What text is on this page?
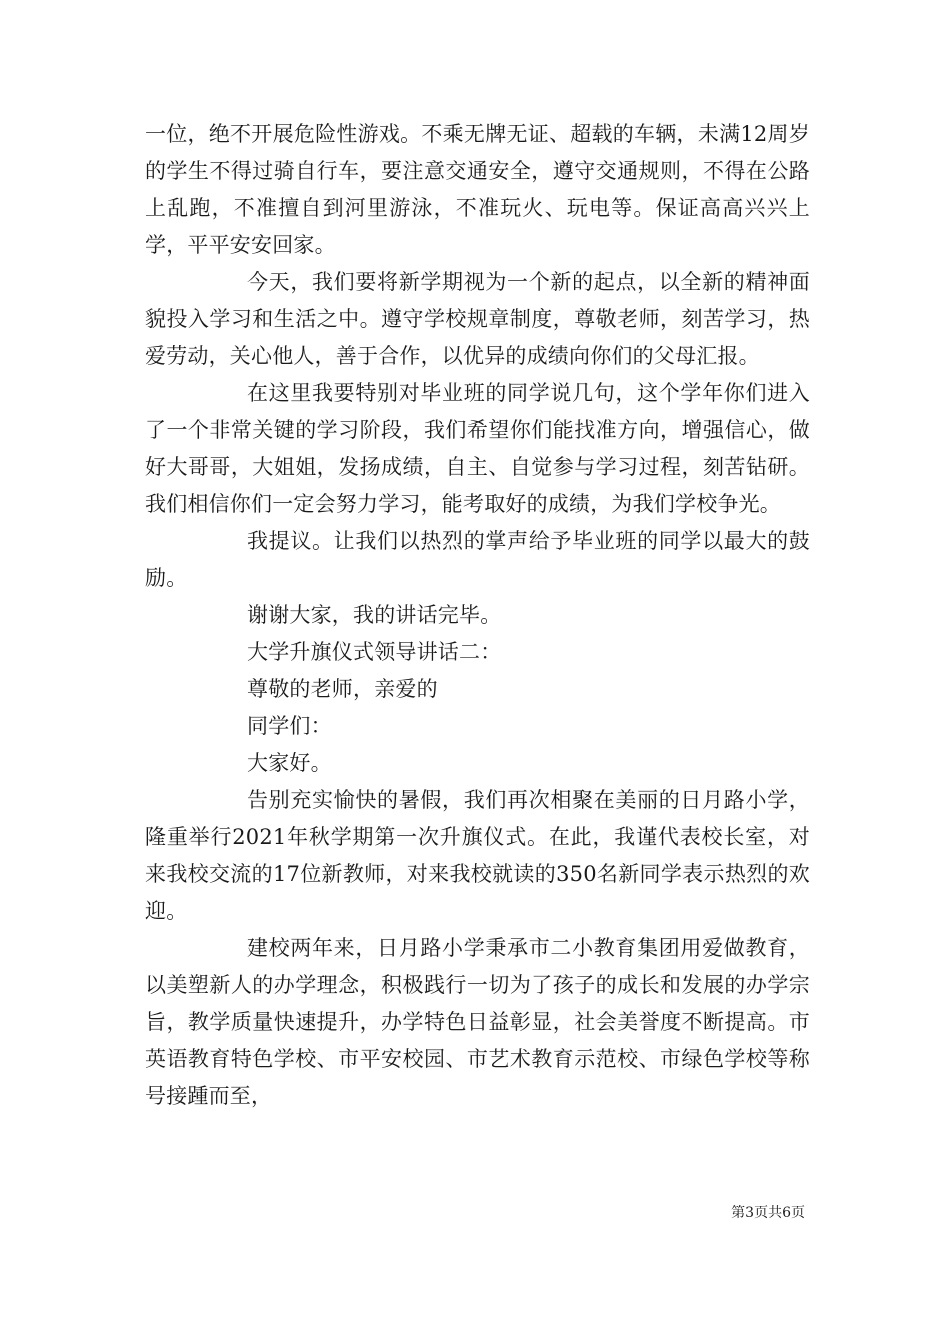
一位，绝不开展危险性游戏。不乘无牌无证、超载的车辆，未满12周岁的学生不得过骑自行车，要注意交通安全，遵守交通规则，不得在公路上乱跑，不准擅自到河里游泳，不准玩火、玩电等。保证高高兴兴上学，平平安安回家。

今天，我们要将新学期视为一个新的起点，以全新的精神面貌投入学习和生活之中。遵守学校规章制度，尊敬老师，刻苦学习，热爱劳动，关心他人，善于合作，以优异的成绩向你们的父母汇报。

在这里我要特别对毕业班的同学说几句，这个学年你们进入了一个非常关键的学习阶段，我们希望你们能找准方向，增强信心，做好大哥哥，大姐姐，发扬成绩，自主、自觉参与学习过程，刻苦钻研。我们相信你们一定会努力学习，能考取好的成绩，为我们学校争光。

我提议。让我们以热烈的掌声给予毕业班的同学以最大的鼓励。

谢谢大家，我的讲话完毕。

大学升旗仪式领导讲话二：

尊敬的老师，亲爱的

同学们：

大家好。

告别充实愉快的暑假，我们再次相聚在美丽的日月路小学，隆重举行2021年秋学期第一次升旗仪式。在此，我谨代表校长室，对来我校交流的17位新教师，对来我校就读的350名新同学表示热烈的欢迎。

建校两年来，日月路小学秉承市二小教育集团用爱做教育，以美塑新人的办学理念，积极践行一切为了孩子的成长和发展的办学宗旨，教学质量快速提升，办学特色日益彰显，社会美誉度不断提高。市英语教育特色学校、市平安校园、市艺术教育示范校、市绿色学校等称号接踵而至，

第3页共6页
